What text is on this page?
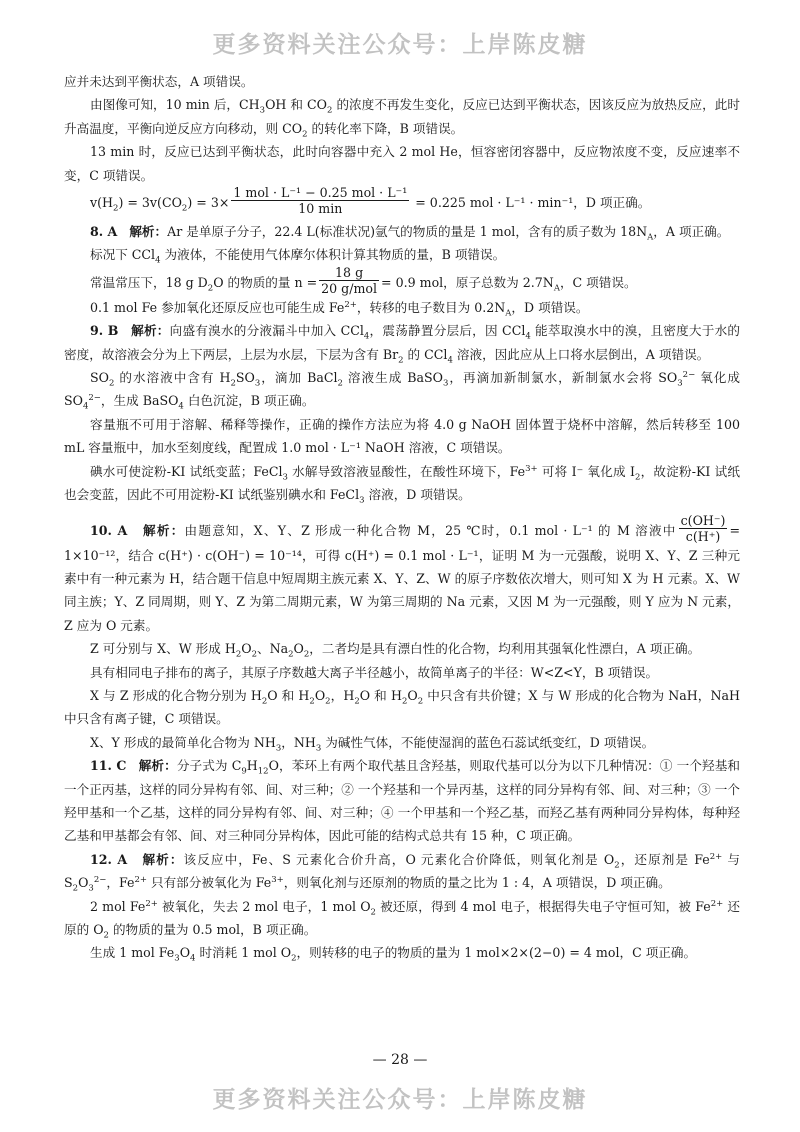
更多资料关注公众号：上岸陈皮糖

应并未达到平衡状态，A 项错误。

由图像可知，10 min 后，$CH_3OH$ 和 $CO_2$ 的浓度不再发生变化，反应已达到平衡状态，因该反应为放热反应，此时升高温度，平衡向逆反应方向移动，则 $CO_2$ 的转化率下降，B 项错误。

13 min 时，反应已达到平衡状态，此时向容器中充入 2 mol He，恒容密闭容器中，反应物浓度不变，反应速率不变，C 项错误。

$v(H_2) = 3v(CO_2) = 3\times \frac{\text{1 mol · L⁻¹ − 0.25 mol · L⁻¹}}{10 \min} = 0.225$ mol · L⁻¹ · min⁻¹，D 项正确。

8. A 解析：Ar 是单原子分子，22.4 L(标准状况)氩气的物质的量是 1 mol，含有的质子数为 $18N_A$，A 项正确。

标况下 CCl$_4$ 为液体，不能使用气体摩尔体积计算其物质的量，B 项错误。

常温常压下，18 g $D_2O$ 的物质的量 $n = \frac{18 g}{\text{20 g/mol}} = 0.9$ mol，原子总数为 $2.7N_A$，C 项错误。

0.1 mol Fe 参加氧化还原反应也可能生成 $Fe^{2+}$，转移的电子数目为 $0.2N_A$，D 项错误。

9. B 解析：向盛有溴水的分液漏斗中加入 CCl$_4$，震荡静置分层后，因 CCl$_4$ 能萃取溴水中的溴，且密度大于水的密度，故溶液会分为上下两层，上层为水层，下层为含有 $Br_2$ 的 CCl$_4$ 溶液，因此应从上口将水层倒出，A 项错误。

$SO_2$ 的水溶液中含有 $H_2SO_3$，滴加 BaCl$_2$ 溶液生成 BaSO$_3$，再滴加新制氯水，新制氯水会将 $SO_3^{2-}$ 氧化成 $SO_4^{2-}$，生成 BaSO$_4$ 白色沉淀，B 项正确。

容量瓶不可用于溶解、稀释等操作，正确的操作方法应为将 4.0 g NaOH 固体置于烧杯中溶解，然后转移至 100 mL 容量瓶中，加水至刻度线，配置成 1.0 mol · L⁻¹ NaOH 溶液，C 项错误。

碘水可使淀粉-KI 试纸变蓝；FeCl$_3$ 水解导致溶液显酸性，在酸性环境下，$Fe^{3+}$ 可将 I⁻ 氧化成 $I_2$，故淀粉-KI 试纸也会变蓝，因此不可用淀粉-KI 试纸鉴别碘水和 FeCl$_3$ 溶液，D 项错误。

10. A 解析：由题意知，X、Y、Z 形成一种化合物 M，25 ℃时，0.1 mol · L⁻¹ 的 M 溶液中 $\frac{c(OH^-)}{c(H^+)} = 1\times 10^{-12}$，结合 c(H⁺) · c(OH⁻) = 10⁻¹⁴，可得 c(H⁺) = 0.1 mol · L⁻¹，证明 M 为一元强酸，说明 X、Y、Z 三种元素中有一种元素为 H，结合题干信息中短周期主族元素 X、Y、Z、W 的原子序数依次增大，则可知 X 为 H 元素。X、W 同主族；Y、Z 同周期，则 Y、Z 为第二周期元素，W 为第三周期的 Na 元素，又因 M 为一元强酸，则 Y 应为 N 元素，Z 应为 O 元素。

Z 可分别与 X、W 形成 $H_2O_2$、$Na_2O_2$，二者均是具有漂白性的化合物，均利用其强氧化性漂白，A 项正确。

具有相同电子排布的离子，其原子序数越大离子半径越小，故简单离子的半径：W<Z<Y，B 项错误。

X 与 Z 形成的化合物分别为 $H_2O$ 和 $H_2O_2$，$H_2O$ 和 $H_2O_2$ 中只含有共价键；X 与 W 形成的化合物为 NaH，NaH 中只含有离子键，C 项错误。

X、Y 形成的最简单化合物为 $NH_3$，$NH_3$ 为碱性气体，不能使湿润的蓝色石蕊试纸变红，D 项错误。

11. C 解析：分子式为 $C_9H_{12}O$，苯环上有两个取代基且含羟基，则取代基可以分为以下几种情况：① 一个羟基和一个正丙基，这样的同分异构有邻、间、对三种；② 一个羟基和一个异丙基，这样的同分异构有邻、间、对三种；③ 一个羟甲基和一个乙基，这样的同分异构有邻、间、对三种；④ 一个甲基和一个羟乙基，而羟乙基有两种同分异构体，每种羟乙基和甲基都会有邻、间、对三种同分异构体，因此可能的结构式总共有 15 种，C 项正确。

12. A 解析：该反应中，Fe、S 元素化合价升高，O 元素化合价降低，则氧化剂是 $O_2$，还原剂是 $Fe^{2+}$ 与 $S_2O_3^{2-}$，$Fe^{2+}$ 只有部分被氧化为 $Fe^{3+}$，则氧化剂与还原剂的物质的量之比为 1 : 4，A 项错误，D 项正确。

2 mol $Fe^{2+}$ 被氧化，失去 2 mol 电子，1 mol $O_2$ 被还原，得到 4 mol 电子，根据得失电子守恒可知，被 $Fe^{2+}$ 还原的 $O_2$ 的物质的量为 0.5 mol，B 项正确。

生成 1 mol $Fe_3O_4$ 时消耗 1 mol $O_2$，则转移的电子的物质的量为 1 mol×2×(2−0) = 4 mol，C 项正确。

— 28 —
更多资料关注公众号：上岸陈皮糖
